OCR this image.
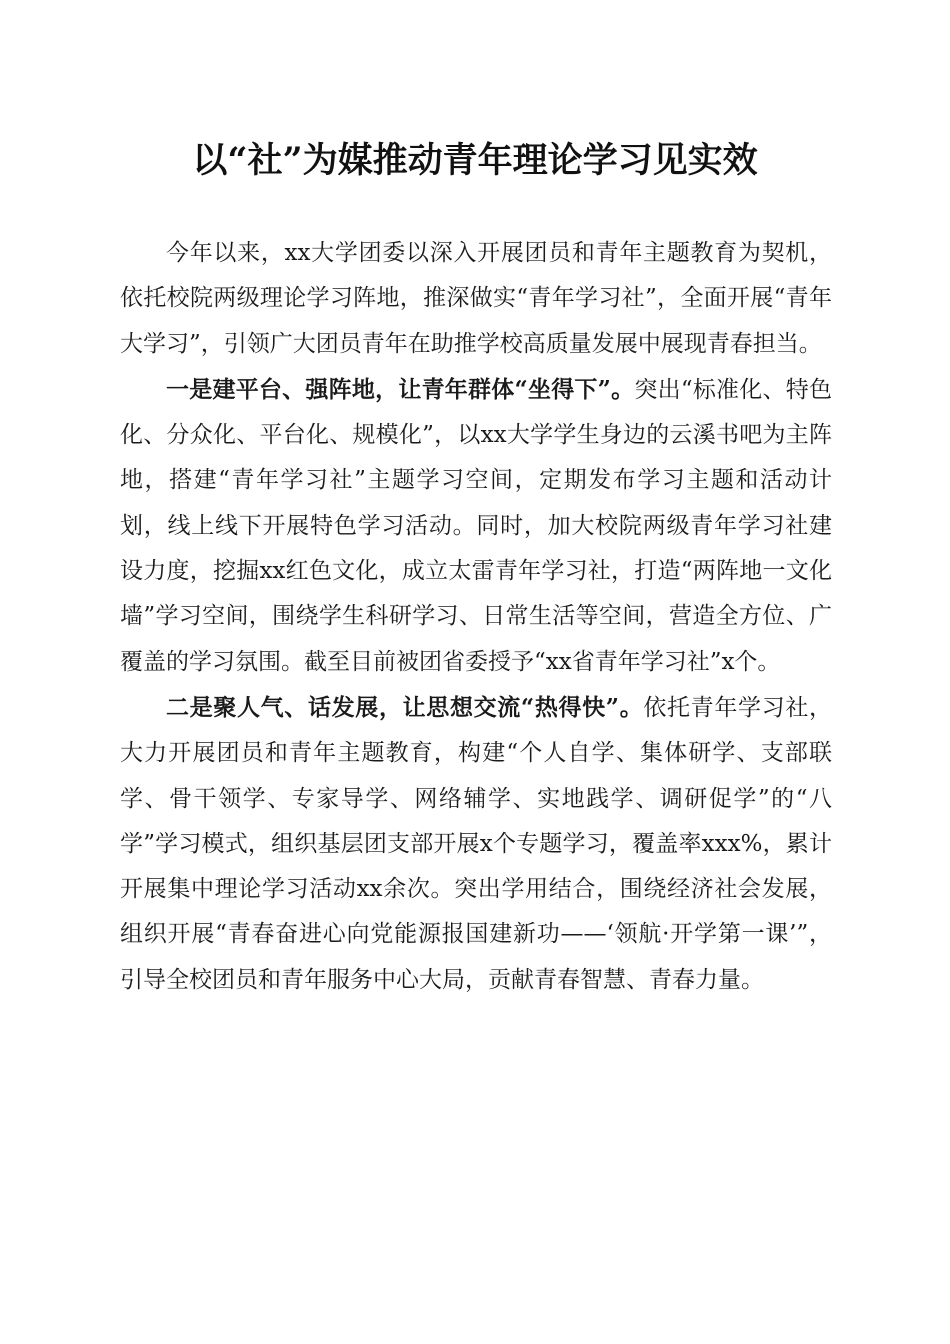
以“社”为媒推动青年理论学习见实效

今年以来，xx大学团委以深入开展团员和青年主题教育为契机，依托校院两级理论学习阵地，推深做实“青年学习社”，全面开展“青年大学习”，引领广大团员青年在助推学校高质量发展中展现青春担当。

一是建平台、强阵地，让青年群体“坐得下”。突出“标准化、特色化、分众化、平台化、规模化”，以xx大学学生身边的云溪书吧为主阵地，搭建“青年学习社”主题学习空间，定期发布学习主题和活动计划，线上线下开展特色学习活动。同时，加大校院两级青年学习社建设力度，挖掘xx红色文化，成立太雷青年学习社，打造“两阵地一文化墙”学习空间，围绕学生科研学习、日常生活等空间，营造全方位、广覆盖的学习氛围。截至目前被团省委授予“xx省青年学习社”x个。

二是聚人气、话发展，让思想交流“热得快”。依托青年学习社，大力开展团员和青年主题教育，构建“个人自学、集体研学、支部联学、骨干领学、专家导学、网络辅学、实地践学、调研促学”的“八学”学习模式，组织基层团支部开展x个专题学习，覆盖率xxx%，累计开展集中理论学习活动xx余次。突出学用结合，围绕经济社会发展，组织开展“青春奋进心向党能源报国建新功——‘领航·开学第一课’”，引导全校团员和青年服务中心大局，贡献青春智慧、青春力量。
